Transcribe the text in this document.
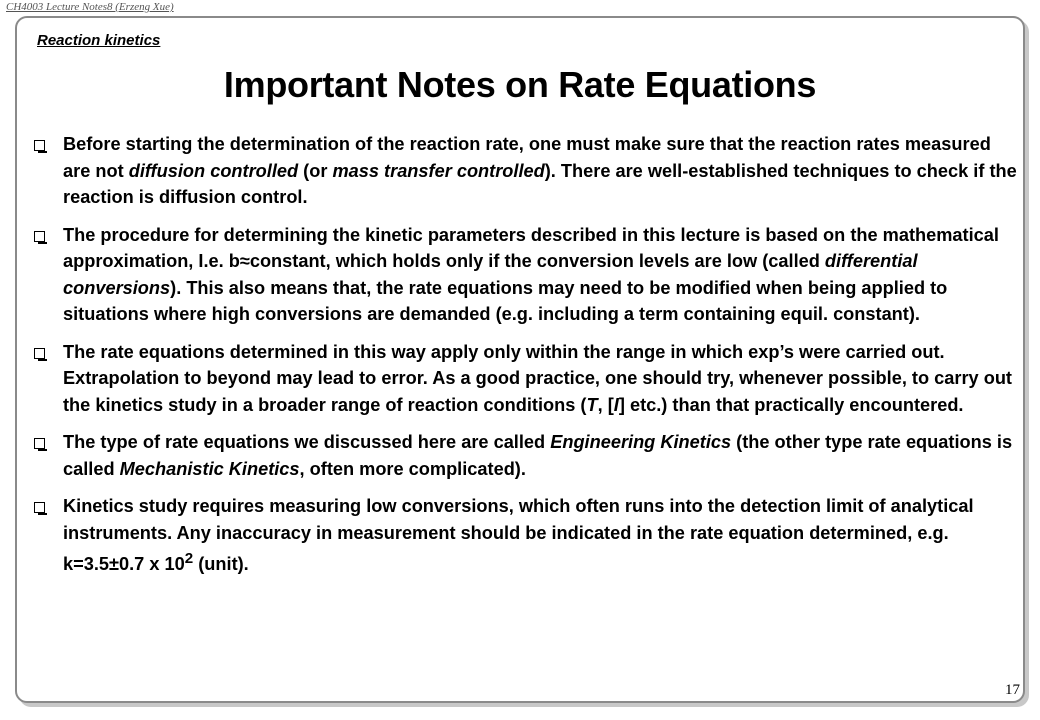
CH4003 Lecture Notes8 (Erzeng Xue)
Reaction kinetics
Important Notes on Rate Equations
Before starting the determination of the reaction rate, one must make sure that the reaction rates measured are not diffusion controlled (or mass transfer controlled). There are well-established techniques to check if the reaction is diffusion control.
The procedure for determining the kinetic parameters described in this lecture is based on the mathematical approximation, I.e. b≈constant, which holds only if the conversion levels are low (called differential conversions). This also means that, the rate equations may need to be modified when being applied to situations where high conversions are demanded (e.g. including a term containing equil. constant).
The rate equations determined in this way apply only within the range in which exp’s were carried out. Extrapolation to beyond may lead to error. As a good practice, one should try, whenever possible, to carry out the kinetics study in a broader range of reaction conditions (T, [I] etc.) than that practically encountered.
The type of rate equations we discussed here are called Engineering Kinetics (the other type rate equations is called Mechanistic Kinetics, often more complicated).
Kinetics study requires measuring low conversions, which often runs into the detection limit of analytical instruments. Any inaccuracy in measurement should be indicated in the rate equation determined, e.g. k=3.5±0.7 x $10^2$ (unit).
17
